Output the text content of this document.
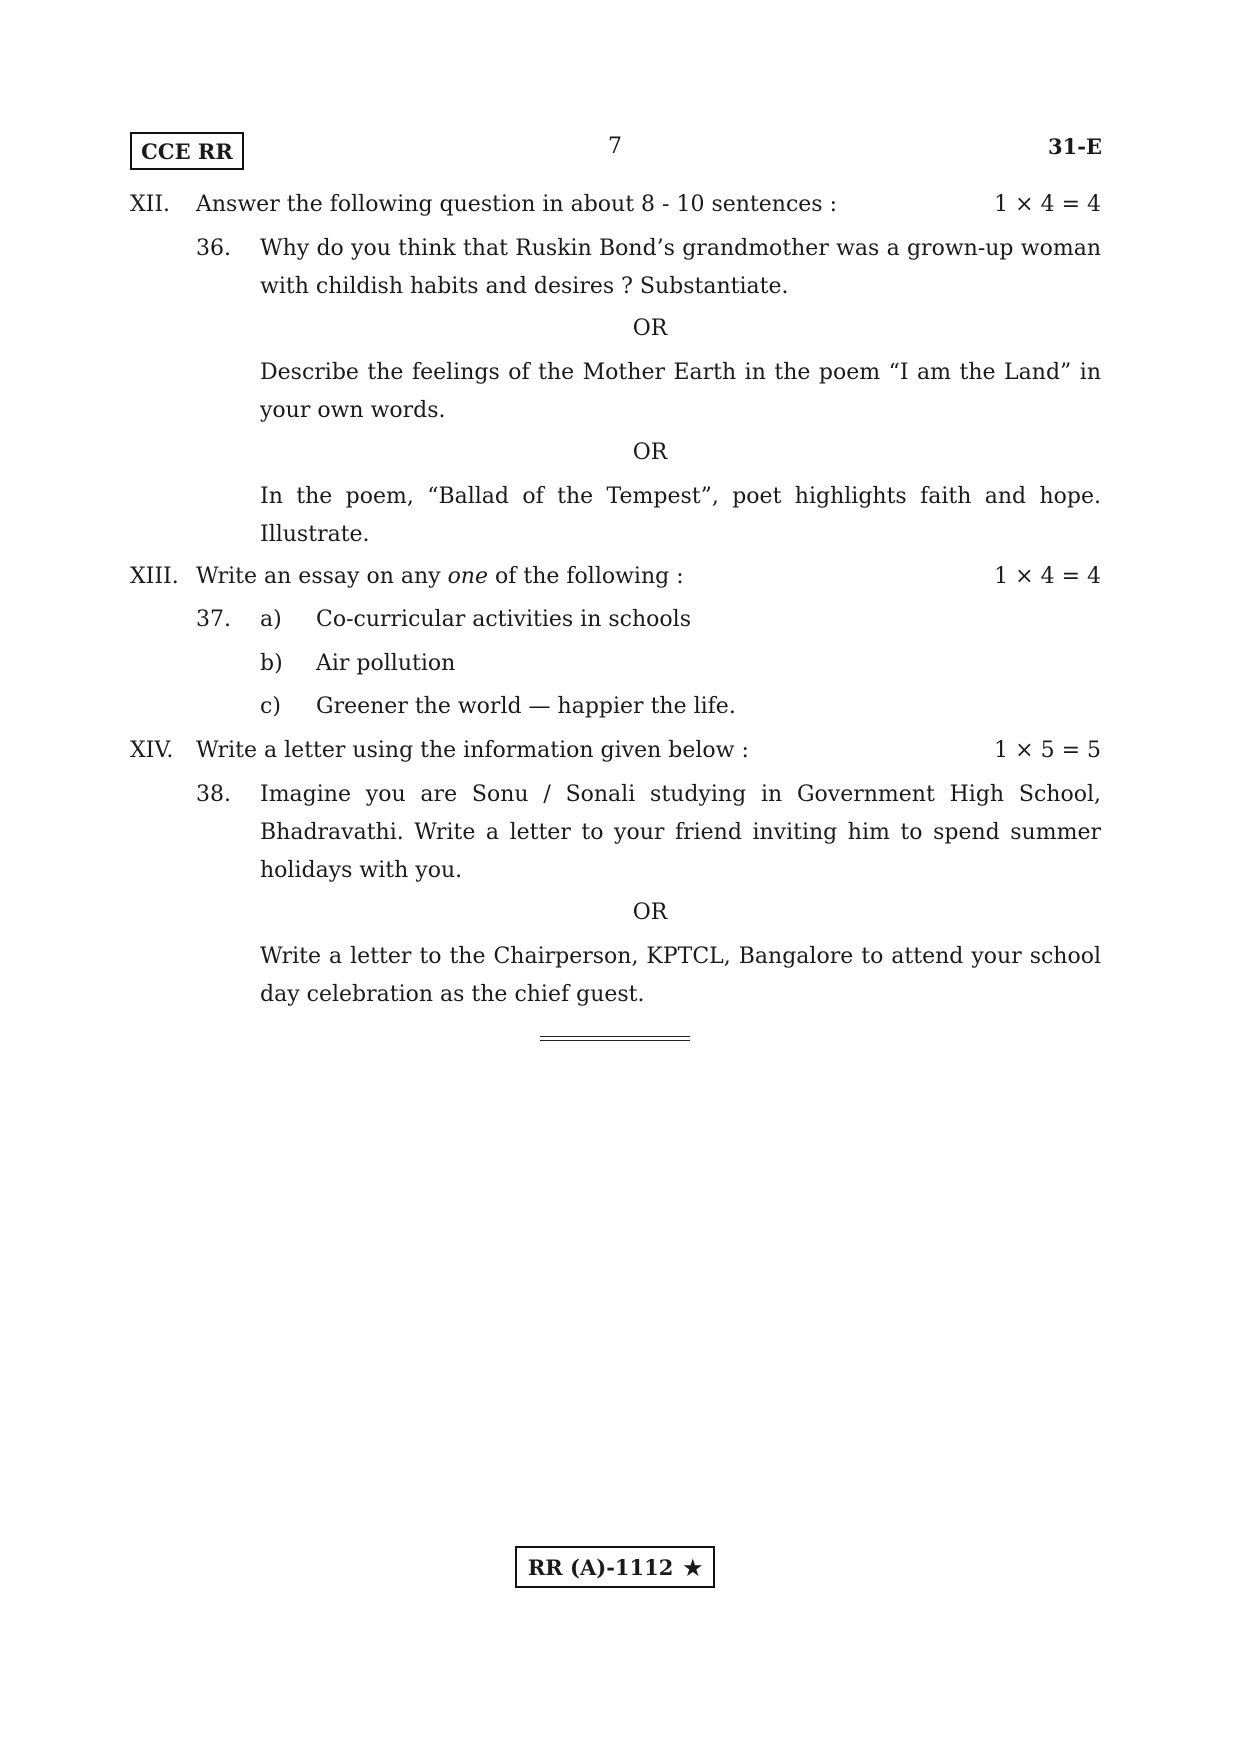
CCE RR	7	31-E
XII.	Answer the following question in about 8 - 10 sentences :	1 × 4 = 4
36.	Why do you think that Ruskin Bond’s grandmother was a grown-up woman with childish habits and desires ? Substantiate.
OR
Describe the feelings of the Mother Earth in the poem “I am the Land” in your own words.
OR
In the poem, “Ballad of the Tempest”, poet highlights faith and hope. Illustrate.
XIII. Write an essay on any one of the following :	1 × 4 = 4
37.	a)	Co-curricular activities in schools
b)	Air pollution
c)	Greener the world — happier the life.
XIV.	Write a letter using the information given below :	1 × 5 = 5
38.	Imagine you are Sonu / Sonali studying in Government High School, Bhadravathi. Write a letter to your friend inviting him to spend summer holidays with you.
OR
Write a letter to the Chairperson, KPTCL, Bangalore to attend your school day celebration as the chief guest.
RR (A)-1112 ★
